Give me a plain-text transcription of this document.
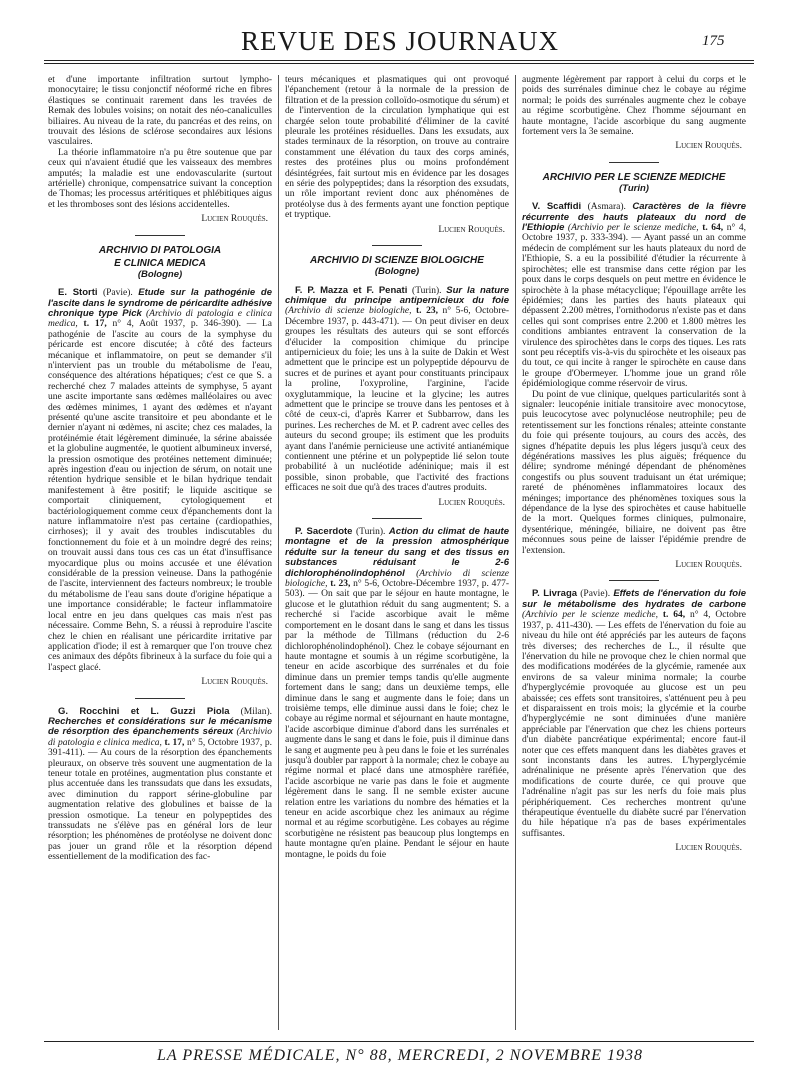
REVUE DES JOURNAUX	175

et d'une importante infiltration surtout lympho-monocytaire; le tissu conjonctif néoformé riche en fibres élastiques se continuait rarement dans les travées de Remak des lobules voisins; on notait des néo-canaliculles biliaires. Au niveau de la rate, du pancréas et des reins, on trouvait des lésions de sclérose secondaires aux lésions vasculaires.

La théorie inflammatoire n'a pu être soutenue que par ceux qui n'avaient étudié que les vaisseaux des membres amputés; la maladie est une endovascularite (surtout artérielle) chronique, compensatrice suivant la conception de Thomas; les processus artéritiques et phlébitiques aigus et les thromboses sont des lésions accidentelles.

Lucien Rouquès.

ARCHIVIO DI PATOLOGIA
E CLINICA MEDICA
(Bologne)

E. Storti (Pavie). Etude sur la pathogénie de l'ascite dans le syndrome de péricardite adhésive chronique type Pick (Archivio di patologia e clinica medica, t. 17, n° 4, Août 1937, p. 346-390). — La pathogénie de l'ascite au cours de la symphyse du péricarde est encore discutée; à côté des facteurs mécanique et inflammatoire, on peut se demander s'il n'intervient pas un trouble du métabolisme de l'eau, conséquence des altérations hépatiques; c'est ce que S. a recherché chez 7 malades atteints de symphyse, 5 ayant une ascite importante sans œdèmes malléolaires ou avec des œdèmes minimes, 1 ayant des œdèmes et n'ayant présenté qu'une ascite transitoire et peu abondante et le dernier n'ayant ni œdèmes, ni ascite; chez ces malades, la protéinémie était légèrement diminuée, la sérine abaissée et la globuline augmentée, le quotient albumineux inversé, la pression osmotique des protéines nettement diminuée; après ingestion d'eau ou injection de sérum, on notait une rétention hydrique sensible et le bilan hydrique tendait manifestement à être positif; le liquide ascitique se comportait cliniquement, cytologiquement et bactériologiquement comme ceux d'épanchements dont la nature inflammatoire n'est pas certaine (cardiopathies, cirrhoses); il y avait des troubles indiscutables du fonctionnement du foie et à un moindre degré des reins; on trouvait aussi dans tous ces cas un état d'insuffisance myocardique plus ou moins accusée et une élévation considérable de la pression veineuse. Dans la pathogénie de l'ascite, interviennent des facteurs nombreux; le trouble du métabolisme de l'eau sans doute d'origine hépatique a une importance considérable; le facteur inflammatoire local entre en jeu dans quelques cas mais n'est pas nécessaire. Comme Behn, S. a réussi à reproduire l'ascite chez le chien en réalisant une péricardite irritative par application d'iode; il est à remarquer que l'on trouve chez ces animaux des dépôts fibrineux à la surface du foie qui a l'aspect glacé.

Lucien Rouquès.

G. Rocchini et L. Guzzi Piola (Milan). Recherches et considérations sur le mécanisme de résorption des épanchements séreux (Archivio di patologia e clinica medica, t. 17, n° 5, Octobre 1937, p. 391-411). — Au cours de la résorption des épanchements pleuraux, on observe très souvent une augmentation de la teneur totale en protéines, augmentation plus constante et plus accentuée dans les transsudats que dans les exsudats, avec diminution du rapport sérine-globuline par augmentation relative des globulines et baisse de la pression osmotique. La teneur en polypeptides des transsudats ne s'élève pas en général lors de leur résorption; les phénomènes de protéolyse ne doivent donc pas jouer un grand rôle et la résorption dépend essentiellement de la modification des fac-

teurs mécaniques et plasmatiques qui ont provoqué l'épanchement (retour à la normale de la pression de filtration et de la pression colloïdo-osmotique du sérum) et de l'intervention de la circulation lymphatique qui est chargée selon toute probabilité d'éliminer de la cavité pleurale les protéines résiduelles. Dans les exsudats, aux stades terminaux de la résorption, on trouve au contraire constamment une élévation du taux des corps aminés, restes des protéines plus ou moins profondément désintégrées, fait surtout mis en évidence par les dosages en série des polypeptides; dans la résorption des exsudats, un rôle important revient donc aux phénomènes de protéolyse dus à des ferments ayant une fonction peptique et tryptique.

Lucien Rouquès.

ARCHIVIO DI SCIENZE BIOLOGICHE
(Bologne)

F. P. Mazza et F. Penati (Turin). Sur la nature chimique du principe antipernicieux du foie (Archivio di scienze biologiche, t. 23, n° 5-6, Octobre-Décembre 1937, p. 443-471). — On peut diviser en deux groupes les résultats des auteurs qui se sont efforcés d'élucider la composition chimique du principe antipernicieux du foie; les uns à la suite de Dakin et West admettent que le principe est un polypeptide dépourvu de sucres et de purines et ayant pour constituants principaux la proline, l'oxyproline, l'arginine, l'acide oxyglutammique, la leucine et la glycine; les autres admettent que le principe se trouve dans les pentoses et à côté de ceux-ci, d'après Karrer et Subbarrow, dans les purines. Les recherches de M. et P. cadrent avec celles des auteurs du second groupe; ils estiment que les produits ayant dans l'anémie pernicieuse une activité antianémique contiennent une ptérine et un polypeptide lié selon toute probabilité à un nucléotide adéninique; mais il est possible, sinon probable, que l'activité des fractions efficaces ne soit due qu'à des traces d'autres produits.

Lucien Rouquès.

P. Sacerdote (Turin). Action du climat de haute montagne et de la pression atmosphérique réduite sur la teneur du sang et des tissus en substances réduisant le 2-6 dichlorophénolindophénol (Archivio di scienze biologiche, t. 23, n° 5-6, Octobre-Décembre 1937, p. 477-503). — On sait que par le séjour en haute montagne, le glucose et le glutathion réduit du sang augmentent; S. a recherché si l'acide ascorbique avait le même comportement en le dosant dans le sang et dans les tissus par la méthode de Tillmans (réduction du 2-6 dichlorophénolindophénol). Chez le cobaye séjournant en haute montagne et soumis à un régime scorbutigène, la teneur en acide ascorbique des surrénales et du foie diminue dans un premier temps tandis qu'elle augmente fortement dans le sang; dans un deuxième temps, elle diminue dans le sang et augmente dans le foie; dans un troisième temps, elle diminue aussi dans le foie; chez le cobaye au régime normal et séjournant en haute montagne, l'acide ascorbique diminue d'abord dans les surrénales et augmente dans le sang et dans le foie, puis il diminue dans le sang et augmente peu à peu dans le foie et les surrénales jusqu'à doubler par rapport à la normale; chez le cobaye au régime normal et placé dans une atmosphère raréfiée, l'acide ascorbique ne varie pas dans le foie et augmente légèrement dans le sang. Il ne semble exister aucune relation entre les variations du nombre des hématies et la teneur en acide ascorbique chez les animaux au régime normal et au régime scorbutigène. Les cobayes au régime scorbutigène ne résistent pas beaucoup plus longtemps en haute montagne qu'en plaine. Pendant le séjour en haute montagne, le poids du foie

augmente légèrement par rapport à celui du corps et le poids des surrénales diminue chez le cobaye au régime normal; le poids des surrénales augmente chez le cobaye au régime scorbutigène. Chez l'homme séjournant en haute montagne, l'acide ascorbique du sang augmente fortement vers la 3e semaine.

Lucien Rouquès.

ARCHIVIO PER LE SCIENZE MEDICHE
(Turin)

V. Scaffidi (Asmara). Caractères de la fièvre récurrente des hauts plateaux du nord de l'Ethiopie (Archivio per le scienze mediche, t. 64, n° 4, Octobre 1937, p. 333-394). — Ayant passé un an comme médecin de complément sur les hauts plateaux du nord de l'Ethiopie, S. a eu la possibilité d'étudier la récurrente à spirochètes; elle est transmise dans cette région par les poux dans le corps desquels on peut mettre en évidence le spirochète à la phase métacyclique; l'épouillage arrête les épidémies; dans les parties des hauts plateaux qui dépassent 2.200 mètres, l'ornithodorus n'existe pas et dans celles qui sont comprises entre 2.200 et 1.800 mètres les conditions ambiantes entravent la conservation de la virulence des spirochètes dans le corps des tiques. Les rats sont peu réceptifs vis-à-vis du spirochète et les oiseaux pas du tout, ce qui incite à ranger le spirochète en cause dans le groupe d'Obermeyer. L'homme joue un grand rôle épidémiologique comme réservoir de virus.

Du point de vue clinique, quelques particularités sont à signaler: leucopénie initiale transitoire avec monocytose, puis leucocytose avec polynucléose neutrophile; peu de retentissement sur les fonctions rénales; atteinte constante du foie qui présente toujours, au cours des accès, des signes d'hépatite depuis les plus légers jusqu'à ceux des dégénérations massives les plus aiguës; fréquence du délire; syndrome méningé dépendant de phénomènes congestifs ou plus souvent traduisant un état urémique; rareté de phénomènes inflammatoires locaux des méninges; importance des phénomènes toxiques sous la dépendance de la lyse des spirochètes et cause habituelle de la mort. Quelques formes cliniques, pulmonaire, dysentérique, méningée, biliaire, ne doivent pas être méconnues sous peine de laisser l'épidémie prendre de l'extension.

Lucien Rouquès.

P. Livraga (Pavie). Effets de l'énervation du foie sur le métabolisme des hydrates de carbone (Archivio per le scienze mediche, t. 64, n° 4, Octobre 1937, p. 411-430). — Les effets de l'énervation du foie au niveau du hile ont été appréciés par les auteurs de façons très diverses; des recherches de L., il résulte que l'énervation du hile ne provoque chez le chien normal que des modifications modérées de la glycémie, ramenée aux environs de sa valeur minima normale; la courbe d'hyperglycémie provoquée au glucose est un peu abaissée; ces effets sont transitoires, s'atténuent peu à peu et disparaissent en trois mois; la glycémie et la courbe d'hyperglycémie ne sont diminuées d'une manière appréciable par l'énervation que chez les chiens porteurs d'un diabète pancréatique expérimental; encore faut-il noter que ces effets manquent dans les diabètes graves et sont inconstants dans les autres. L'hyperglycémie adrénalinique ne présente après l'énervation que des modifications de courte durée, ce qui prouve que l'adrénaline n'agit pas sur les nerfs du foie mais plus périphériquement. Ces recherches montrent qu'une thérapeutique éventuelle du diabète sucré par l'énervation du hile hépatique n'a pas de bases expérimentales suffisantes.

Lucien Rouquès.

LA PRESSE MÉDICALE, N° 88, MERCREDI, 2 NOVEMBRE 1938
